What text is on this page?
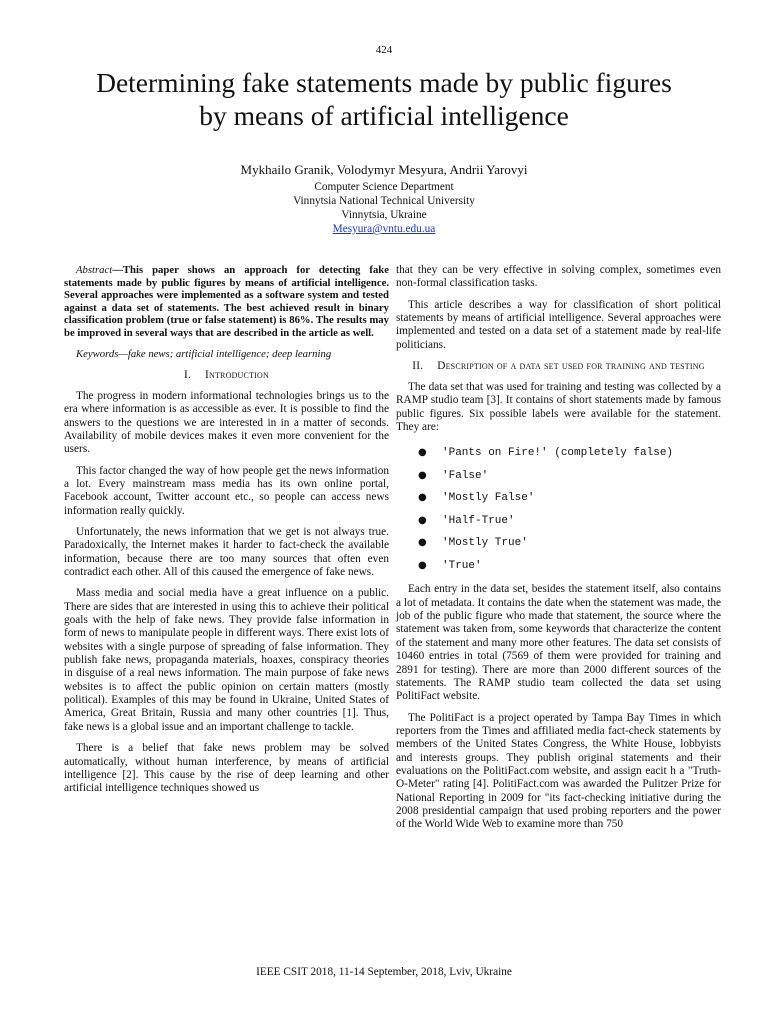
424
Determining fake statements made by public figures
by means of artificial intelligence
Mykhailo Granik, Volodymyr Mesyura, Andrii Yarovyi
Computer Science Department
Vinnytsia National Technical University
Vinnytsia, Ukraine
Mesyura@vntu.edu.ua

Abstract—This paper shows an approach for detecting fake statements made by public figures by means of artificial intelligence. Several approaches were implemented as a software system and tested against a data set of statements. The best achieved result in binary classification problem (true or false statement) is 86%. The results may be improved in several ways that are described in the article as well.

Keywords—fake news; artificial intelligence; deep learning

I. Introduction

The progress in modern informational technologies brings us to the era where information is as accessible as ever. It is possible to find the answers to the questions we are interested in in a matter of seconds. Availability of mobile devices makes it even more convenient for the users.

This factor changed the way of how people get the news information a lot. Every mainstream mass media has its own online portal, Facebook account, Twitter account etc., so people can access news information really quickly.

Unfortunately, the news information that we get is not always true. Paradoxically, the Internet makes it harder to fact-check the available information, because there are too many sources that often even contradict each other. All of this caused the emergence of fake news.

Mass media and social media have a great influence on a public. There are sides that are interested in using this to achieve their political goals with the help of fake news. They provide false information in form of news to manipulate people in different ways. There exist lots of websites with a single purpose of spreading of false information. They publish fake news, propaganda materials, hoaxes, conspiracy theories in disguise of a real news information. The main purpose of fake news websites is to affect the public opinion on certain matters (mostly political). Examples of this may be found in Ukraine, United States of America, Great Britain, Russia and many other countries [1]. Thus, fake news is a global issue and an important challenge to tackle.

There is a belief that fake news problem may be solved automatically, without human interference, by means of artificial intelligence [2]. This cause by the rise of deep learning and other artificial intelligence techniques showed us

that they can be very effective in solving complex, sometimes even non-formal classification tasks.

This article describes a way for classification of short political statements by means of artificial intelligence. Several approaches were implemented and tested on a data set of a statement made by real-life politicians.

II. Description of a data set used for training and testing

The data set that was used for training and testing was collected by a RAMP studio team [3]. It contains of short statements made by famous public figures. Six possible labels were available for the statement. They are:

● 'Pants on Fire!' (completely false)
● 'False'
● 'Mostly False'
● 'Half-True'
● 'Mostly True'
● 'True'

Each entry in the data set, besides the statement itself, also contains a lot of metadata. It contains the date when the statement was made, the job of the public figure who made that statement, the source where the statement was taken from, some keywords that characterize the content of the statement and many more other features. The data set consists of 10460 entries in total (7569 of them were provided for training and 2891 for testing). There are more than 2000 different sources of the statements. The RAMP studio team collected the data set using PolitiFact website.

The PolitiFact is a project operated by Tampa Bay Times in which reporters from the Times and affiliated media fact-check statements by members of the United States Congress, the White House, lobbyists and interests groups. They publish original statements and their evaluations on the PolitiFact.com website, and assign eacit h a "Truth-O-Meter" rating [4]. PolitiFact.com was awarded the Pulitzer Prize for National Reporting in 2009 for "its fact-checking initiative during the 2008 presidential campaign that used probing reporters and the power of the World Wide Web to examine more than 750

IEEE CSIT 2018, 11-14 September, 2018, Lviv, Ukraine
